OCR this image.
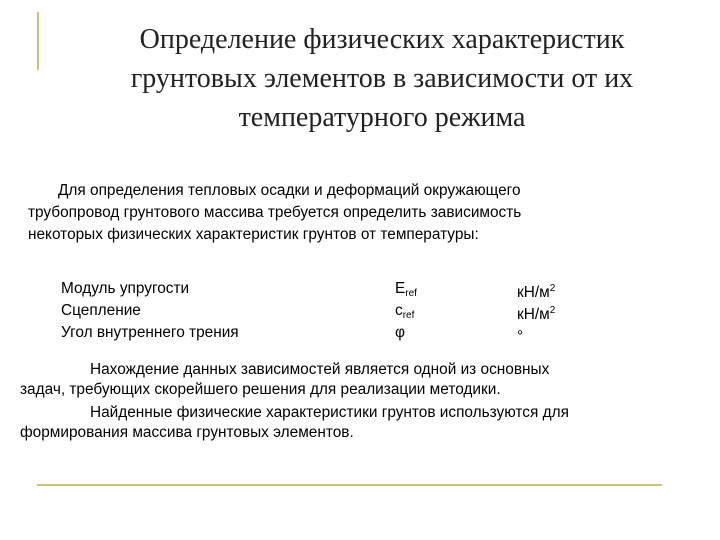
Определение физических характеристик
грунтовых элементов в зависимости от их
температурного режима
Для определения тепловых осадки и деформаций окружающего
трубопровод грунтового массива требуется определить зависимость
некоторых физических характеристик грунтов от температуры:
Модуль упругости	$E_{ref}$	$кН/м^2$
Сцепление	$c_{ref}$	$кН/м^2$
Угол внутреннего трения	φ	°
Нахождение данных зависимостей является одной из основных
задач, требующих скорейшего решения для реализации методики.
Найденные физические характеристики грунтов используются для
формирования массива грунтовых элементов.
